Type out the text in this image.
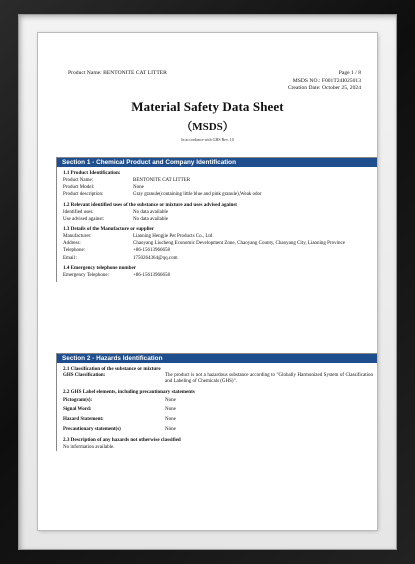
Product Name: BENTONITE CAT LITTER	Page 1 / 8
MSDS NO.: F001T24I025013
Creation Date: October 25, 2024
Material Safety Data Sheet
（MSDS）
In accordance with GHS Rev. 10
Section 1 - Chemical Product and Company Identification
1.1 Product Identification:
Product Name:	BENTONITE CAT LITTER
Product Model:	None
Product description:	Gray granule(containing little blue and pink granule),Weak odor
1.2 Relevant identified uses of the substance or mixture and uses advised against
Identified uses:	No data available
Use advised against:	No data available
1.3 Details of the Manufacture or supplier
Manufacturer:	Liaoning Hengjie Pet Products Co., Ltd
Address:	Chaoyang Liucheng Economic Development Zone, Chaoyang County, Chaoyang City, Liaoning Province
Telephone:	+86-15613966658
Email：	1750264364@qq.com
1.4 Emergency telephone number
Emergency Telephone:	+86-15613966658
Section 2 - Hazards Identification
2.1 Classification of the substance or mixture
GHS Classification:	The product is not a hazardous substance according to "Globally Harmonized System of Classification and Labeling of Chemicals (GHS)".
2.2 GHS Label elements, including precautionary statements
Pictogram(s):	None
Signal Word:	None
Hazard Statement:	None
Precautionary statement(s)	None
2.3 Description of any hazards not otherwise classified
No information available.
